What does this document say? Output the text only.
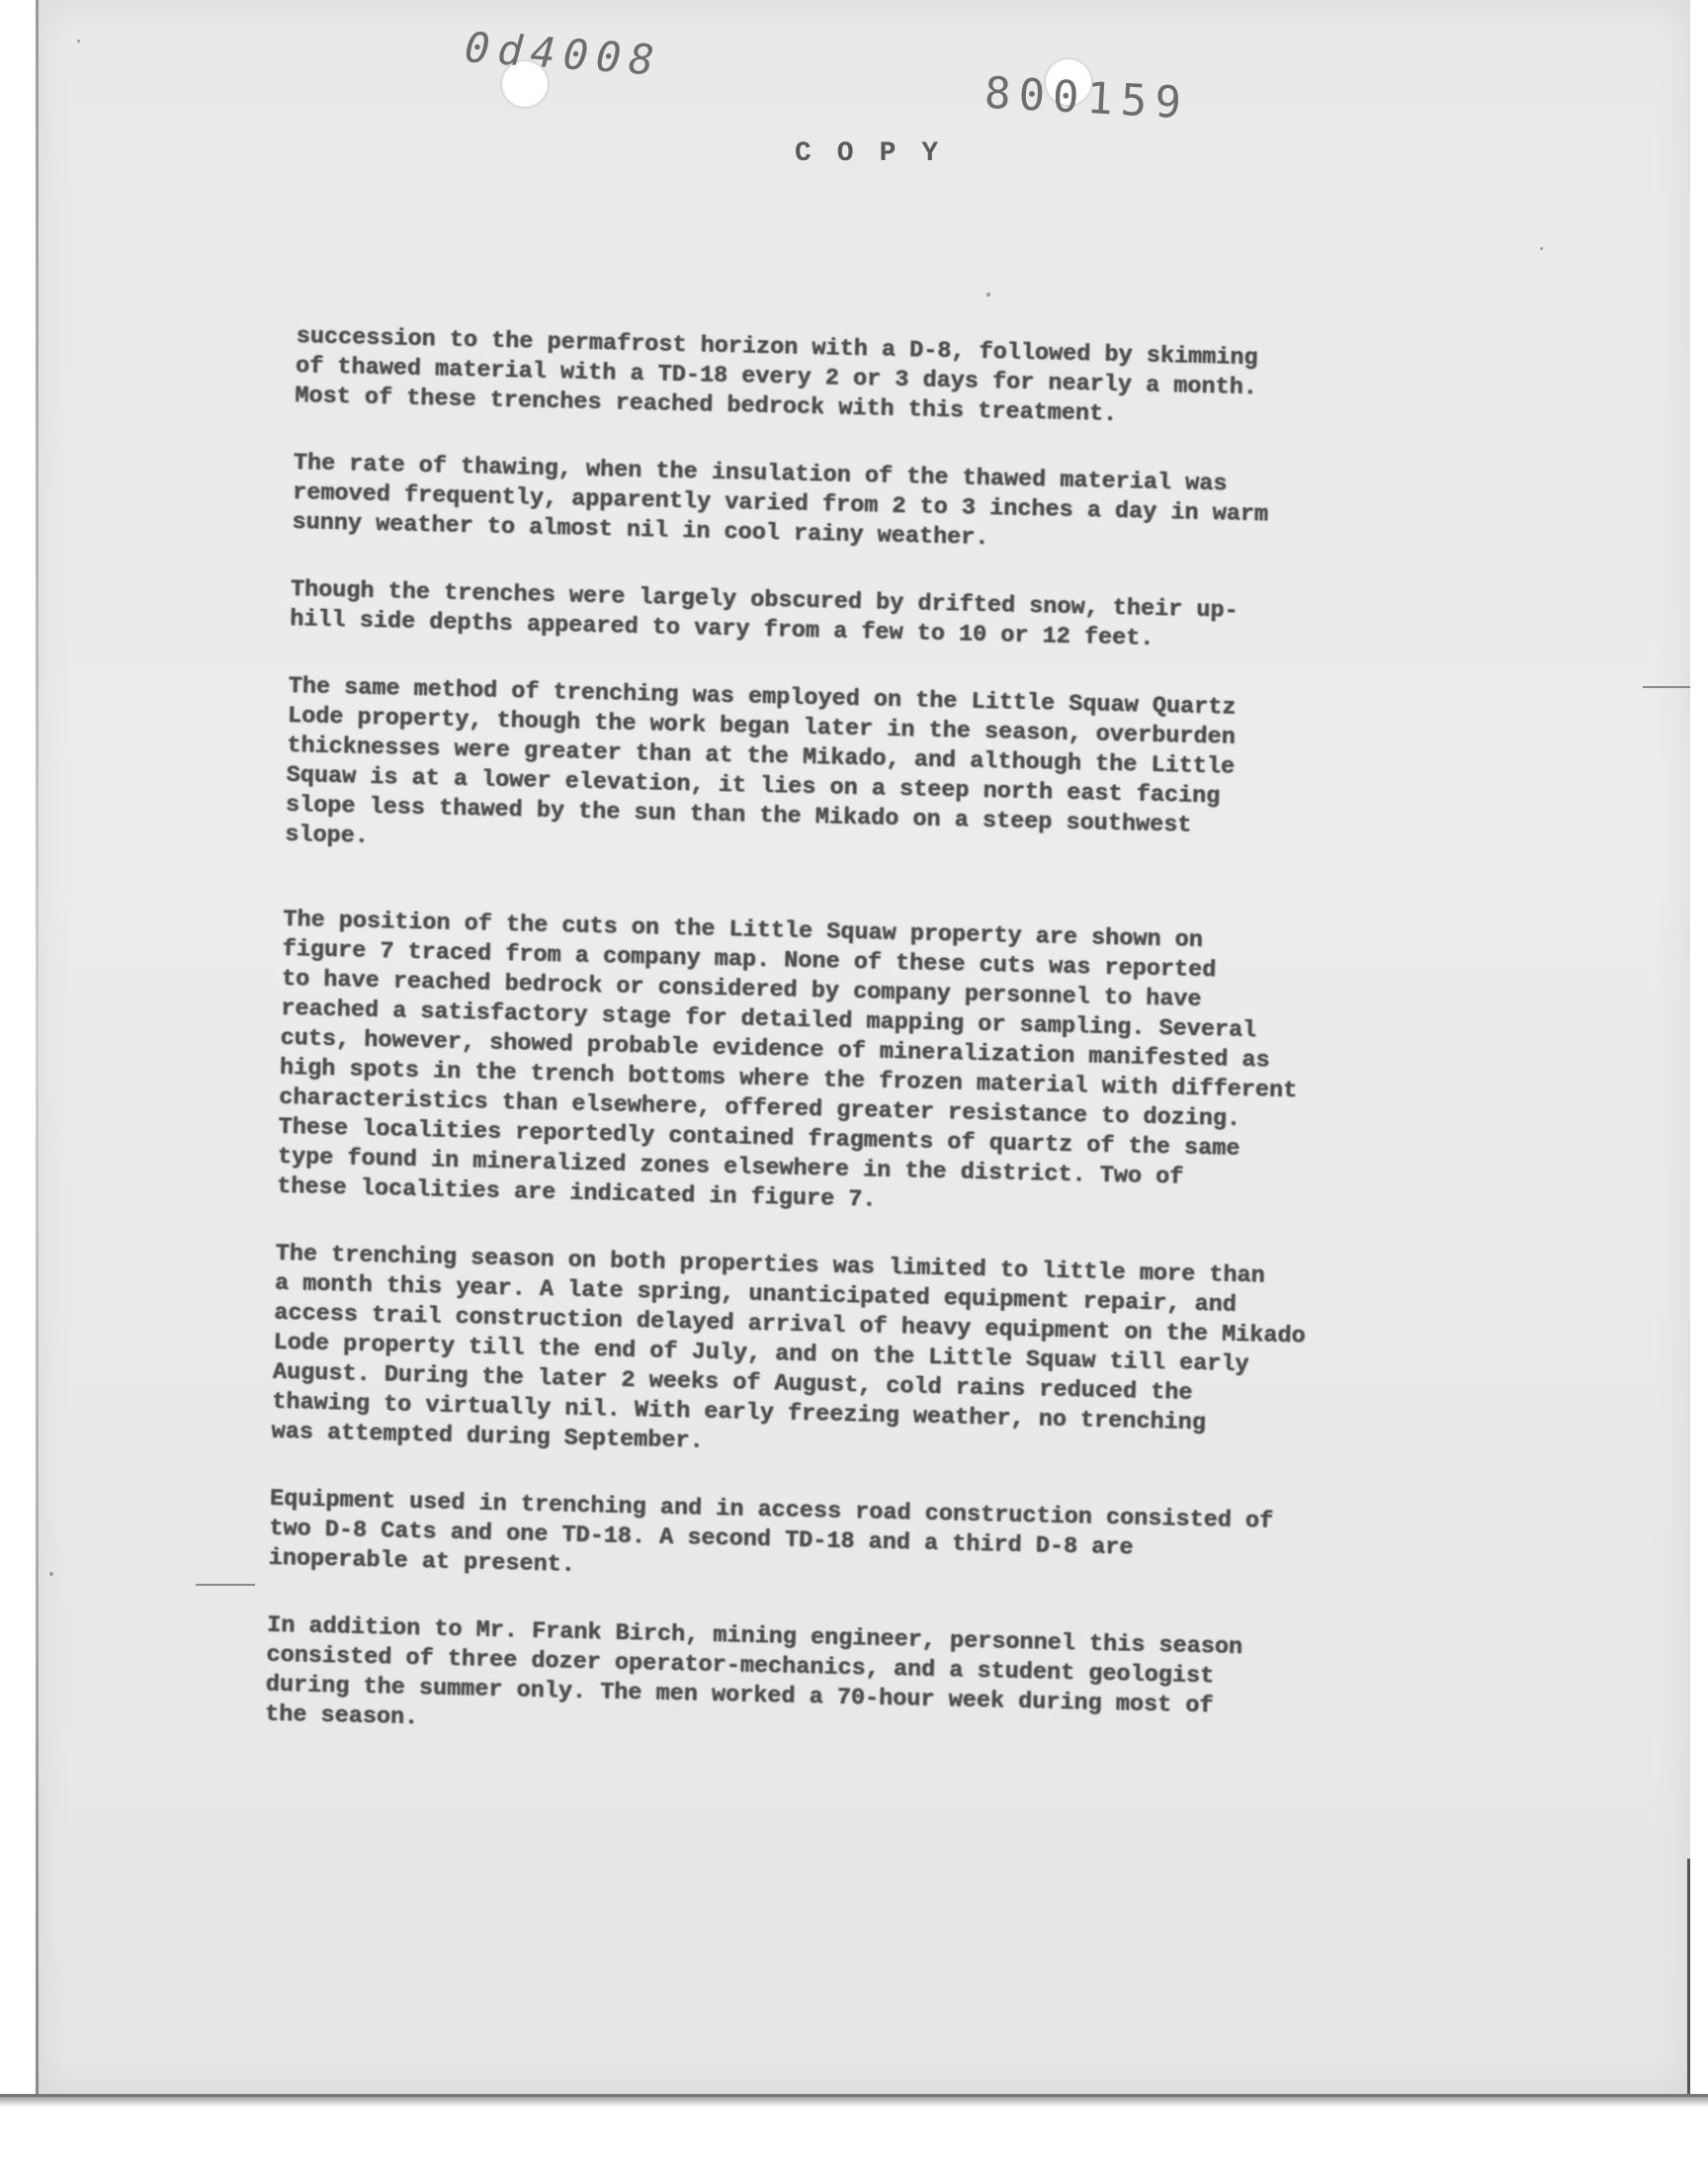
0d4008
800159
COPY

succession to the permafrost horizon with a D-8, followed by skimming
of thawed material with a TD-18 every 2 or 3 days for nearly a month.
Most of these trenches reached bedrock with this treatment.

The rate of thawing, when the insulation of the thawed material was
removed frequently, apparently varied from 2 to 3 inches a day in warm
sunny weather to almost nil in cool rainy weather.

Though the trenches were largely obscured by drifted snow, their up-
hill side depths appeared to vary from a few to 10 or 12 feet.

The same method of trenching was employed on the Little Squaw Quartz
Lode property, though the work began later in the season, overburden
thicknesses were greater than at the Mikado, and although the Little
Squaw is at a lower elevation, it lies on a steep north east facing
slope less thawed by the sun than the Mikado on a steep southwest
slope.

The position of the cuts on the Little Squaw property are shown on
figure 7 traced from a company map. None of these cuts was reported
to have reached bedrock or considered by company personnel to have
reached a satisfactory stage for detailed mapping or sampling. Several
cuts, however, showed probable evidence of mineralization manifested as
high spots in the trench bottoms where the frozen material with different
characteristics than elsewhere, offered greater resistance to dozing.
These localities reportedly contained fragments of quartz of the same
type found in mineralized zones elsewhere in the district. Two of
these localities are indicated in figure 7.

The trenching season on both properties was limited to little more than
a month this year. A late spring, unanticipated equipment repair, and
access trail construction delayed arrival of heavy equipment on the Mikado
Lode property till the end of July, and on the Little Squaw till early
August. During the later 2 weeks of August, cold rains reduced the
thawing to virtually nil. With early freezing weather, no trenching
was attempted during September.

Equipment used in trenching and in access road construction consisted of
two D-8 Cats and one TD-18. A second TD-18 and a third D-8 are
inoperable at present.

In addition to Mr. Frank Birch, mining engineer, personnel this season
consisted of three dozer operator-mechanics, and a student geologist
during the summer only. The men worked a 70-hour week during most of
the season.
